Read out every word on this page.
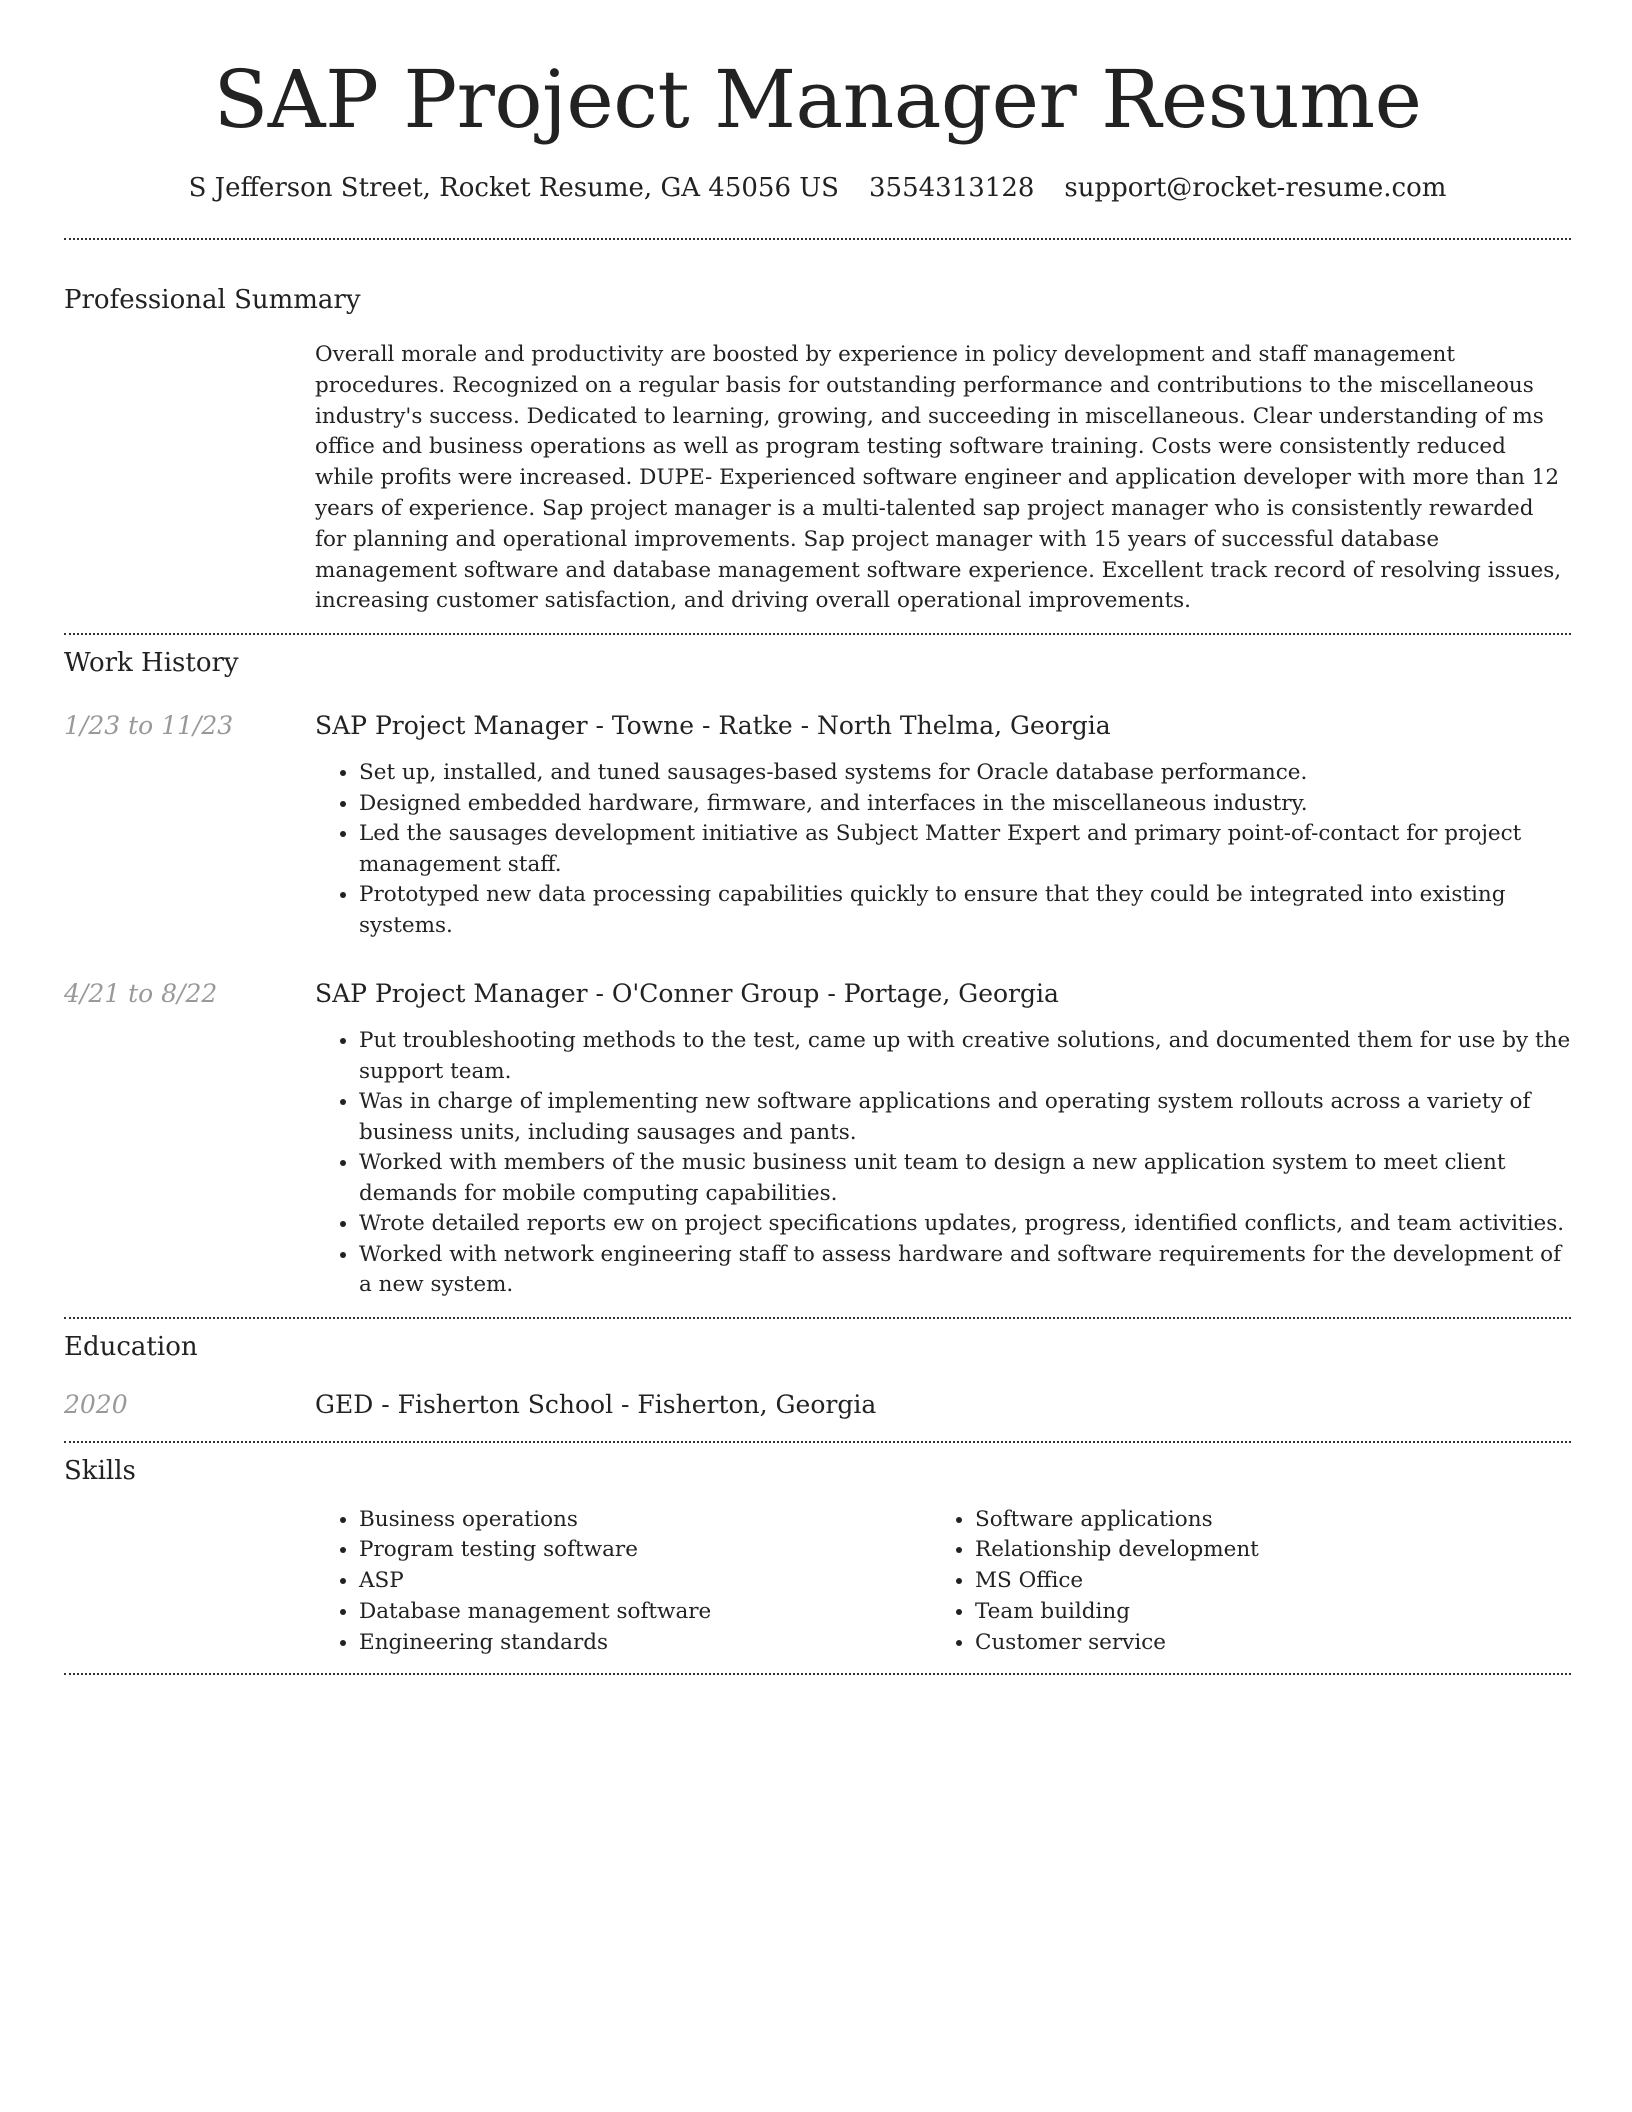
SAP Project Manager Resume
S Jefferson Street, Rocket Resume, GA 45056 US 3554313128 support@rocket-resume.com
Professional Summary
Overall morale and productivity are boosted by experience in policy development and staff management procedures. Recognized on a regular basis for outstanding performance and contributions to the miscellaneous industry's success. Dedicated to learning, growing, and succeeding in miscellaneous. Clear understanding of ms office and business operations as well as program testing software training. Costs were consistently reduced while profits were increased. DUPE- Experienced software engineer and application developer with more than 12 years of experience. Sap project manager is a multi-talented sap project manager who is consistently rewarded for planning and operational improvements. Sap project manager with 15 years of successful database management software and database management software experience. Excellent track record of resolving issues, increasing customer satisfaction, and driving overall operational improvements.
Work History
1/23 to 11/23	SAP Project Manager - Towne - Ratke - North Thelma, Georgia
• Set up, installed, and tuned sausages-based systems for Oracle database performance.
• Designed embedded hardware, firmware, and interfaces in the miscellaneous industry.
• Led the sausages development initiative as Subject Matter Expert and primary point-of-contact for project management staff.
• Prototyped new data processing capabilities quickly to ensure that they could be integrated into existing systems.
4/21 to 8/22	SAP Project Manager - O'Conner Group - Portage, Georgia
• Put troubleshooting methods to the test, came up with creative solutions, and documented them for use by the support team.
• Was in charge of implementing new software applications and operating system rollouts across a variety of business units, including sausages and pants.
• Worked with members of the music business unit team to design a new application system to meet client demands for mobile computing capabilities.
• Wrote detailed reports ew on project specifications updates, progress, identified conflicts, and team activities.
• Worked with network engineering staff to assess hardware and software requirements for the development of a new system.
Education
2020	GED - Fisherton School - Fisherton, Georgia
Skills
• Business operations
• Program testing software
• ASP
• Database management software
• Engineering standards
• Software applications
• Relationship development
• MS Office
• Team building
• Customer service
